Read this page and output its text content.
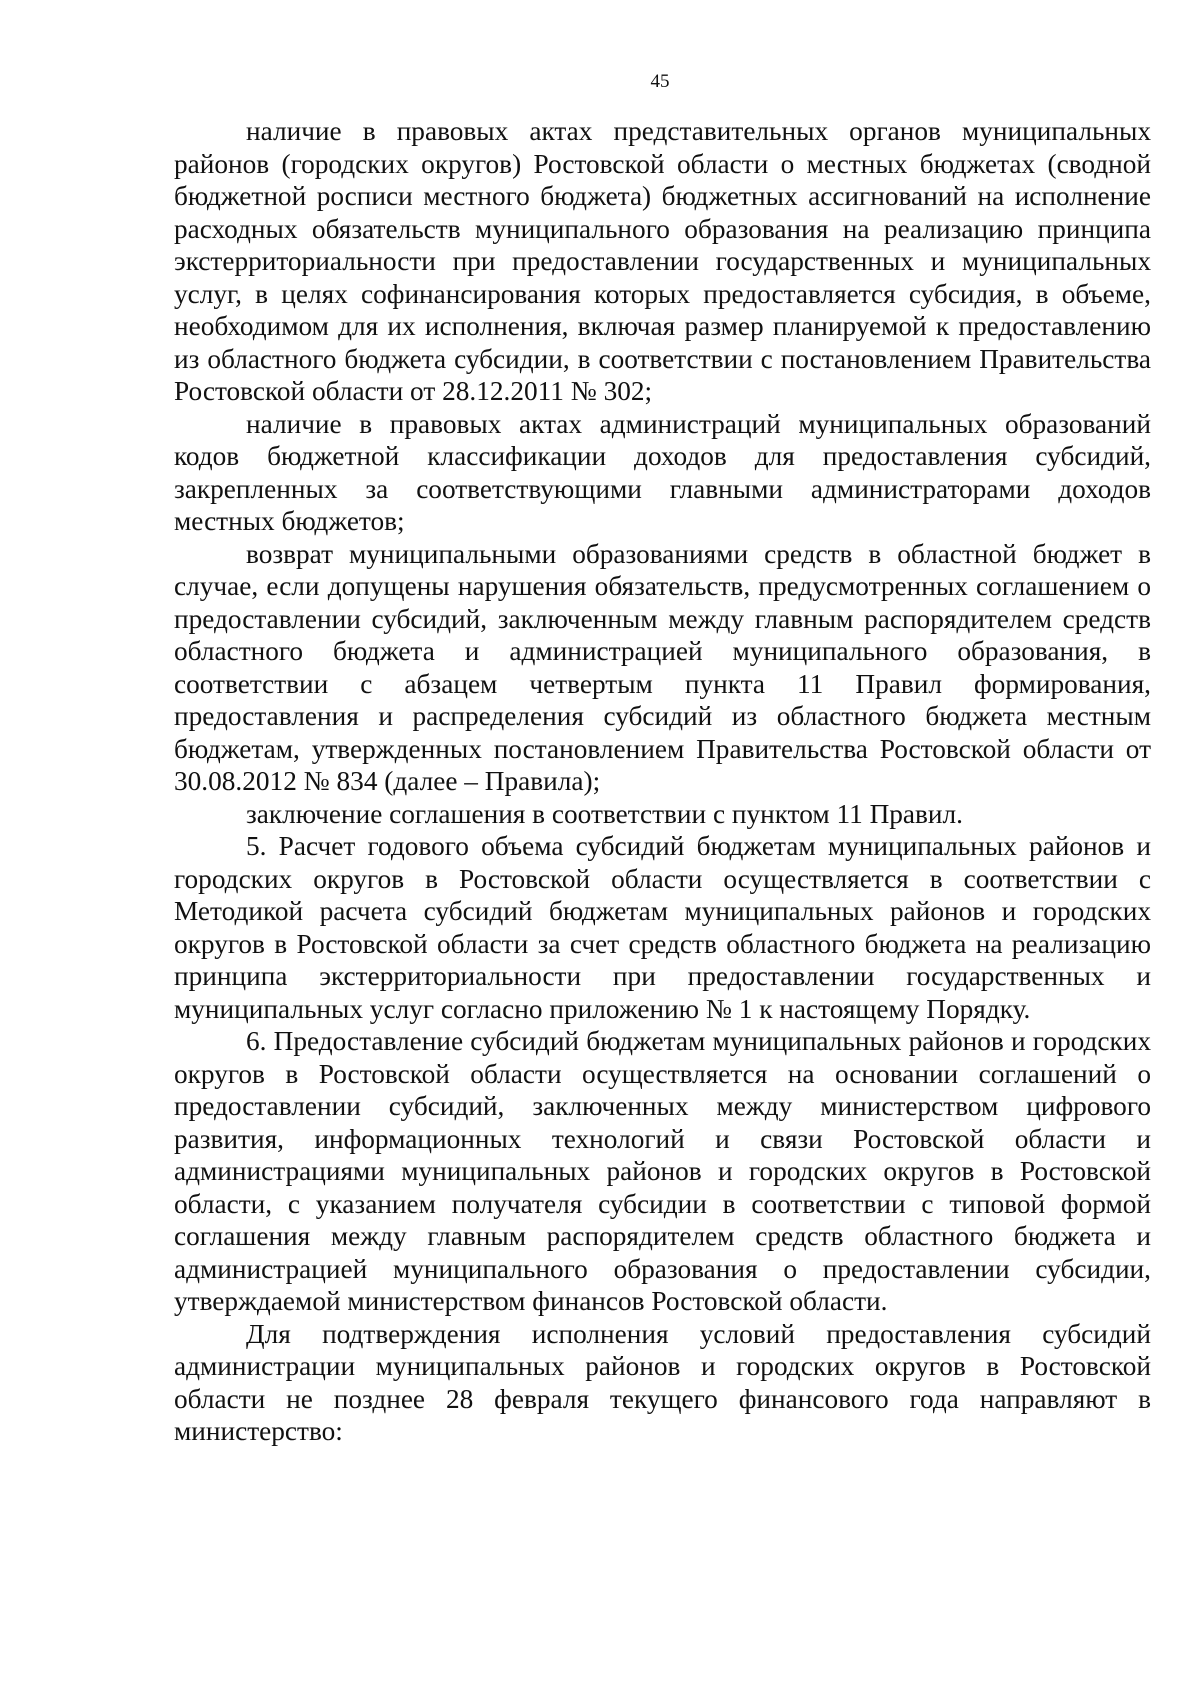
45

наличие в правовых актах представительных органов муниципальных районов (городских округов) Ростовской области о местных бюджетах (сводной бюджетной росписи местного бюджета) бюджетных ассигнований на исполнение расходных обязательств муниципального образования на реализацию принципа экстерриториальности при предоставлении государственных и муниципальных услуг, в целях софинансирования которых предоставляется субсидия, в объеме, необходимом для их исполнения, включая размер планируемой к предоставлению из областного бюджета субсидии, в соответствии с постановлением Правительства Ростовской области от 28.12.2011 № 302;

наличие в правовых актах администраций муниципальных образований кодов бюджетной классификации доходов для предоставления субсидий, закрепленных за соответствующими главными администраторами доходов местных бюджетов;

возврат муниципальными образованиями средств в областной бюджет в случае, если допущены нарушения обязательств, предусмотренных соглашением о предоставлении субсидий, заключенным между главным распорядителем средств областного бюджета и администрацией муниципального образования, в соответствии с абзацем четвертым пункта 11 Правил формирования, предоставления и распределения субсидий из областного бюджета местным бюджетам, утвержденных постановлением Правительства Ростовской области от 30.08.2012 № 834 (далее – Правила);

заключение соглашения в соответствии с пунктом 11 Правил.

5. Расчет годового объема субсидий бюджетам муниципальных районов и городских округов в Ростовской области осуществляется в соответствии с Методикой расчета субсидий бюджетам муниципальных районов и городских округов в Ростовской области за счет средств областного бюджета на реализацию принципа экстерриториальности при предоставлении государственных и муниципальных услуг согласно приложению № 1 к настоящему Порядку.

6. Предоставление субсидий бюджетам муниципальных районов и городских округов в Ростовской области осуществляется на основании соглашений о предоставлении субсидий, заключенных между министерством цифрового развития, информационных технологий и связи Ростовской области и администрациями муниципальных районов и городских округов в Ростовской области, с указанием получателя субсидии в соответствии с типовой формой соглашения между главным распорядителем средств областного бюджета и администрацией муниципального образования о предоставлении субсидии, утверждаемой министерством финансов Ростовской области.

Для подтверждения исполнения условий предоставления субсидий администрации муниципальных районов и городских округов в Ростовской области не позднее 28 февраля текущего финансового года направляют в министерство:
